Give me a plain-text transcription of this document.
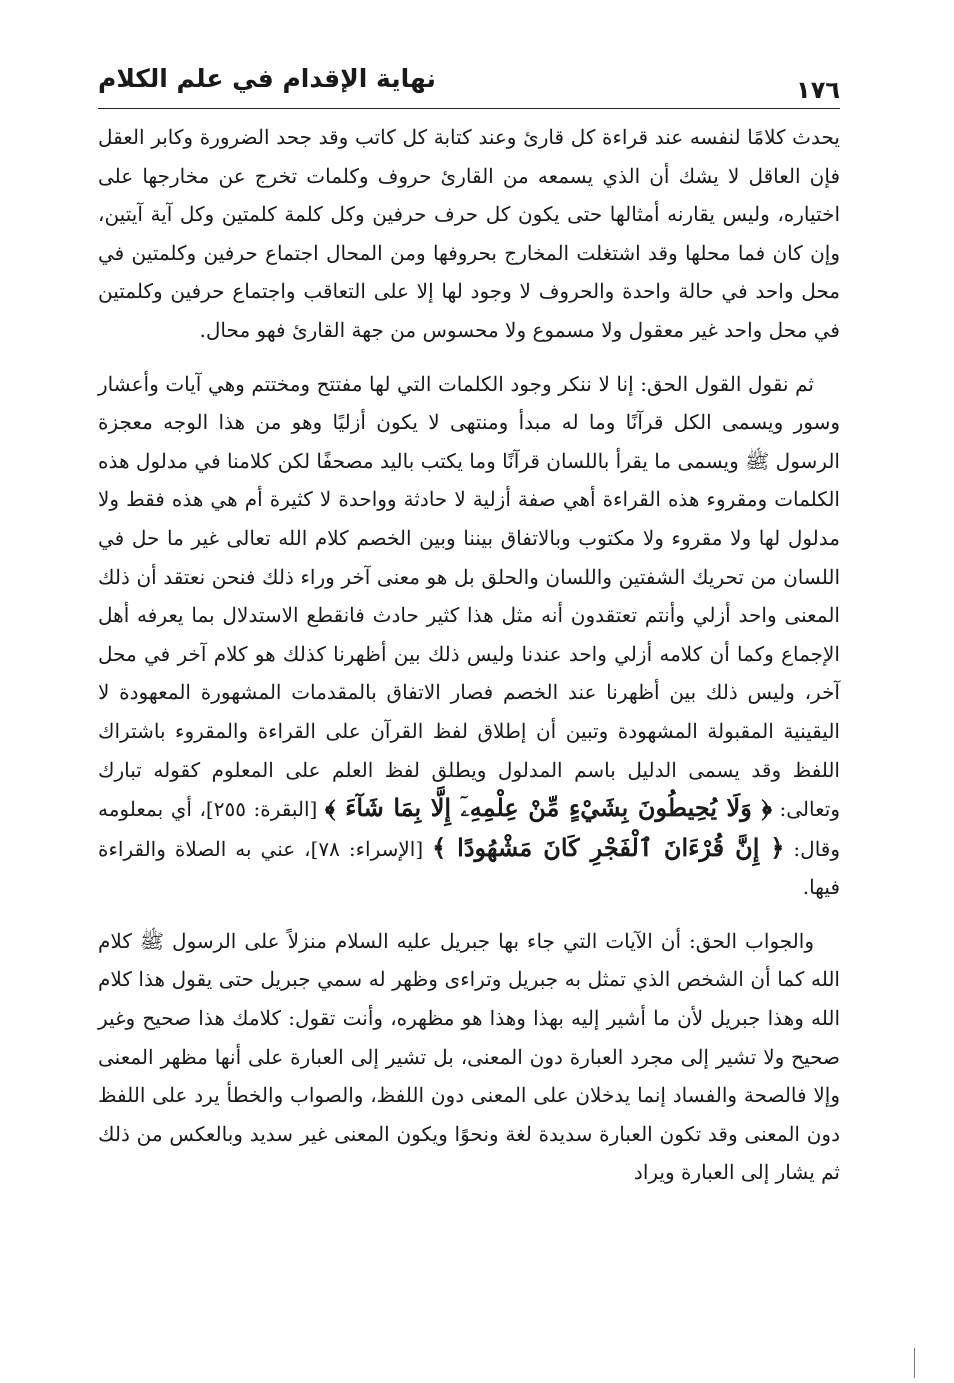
نهاية الإقدام في علم الكلام	١٧٦

يحدث كلامًا لنفسه عند قراءة كل قارئ وعند كتابة كل كاتب وقد جحد الضرورة وكابر العقل فإن العاقل لا يشك أن الذي يسمعه من القارئ حروف وكلمات تخرج عن مخارجها على اختياره، وليس يقارنه أمثالها حتى يكون كل حرف حرفين وكل كلمة كلمتين وكل آية آيتين، وإن كان فما محلها وقد اشتغلت المخارج بحروفها ومن المحال اجتماع حرفين وكلمتين في محل واحد في حالة واحدة والحروف لا وجود لها إلا على التعاقب واجتماع حرفين وكلمتين في محل واحد غير معقول ولا مسموع ولا محسوس من جهة القارئ فهو محال.

ثم نقول القول الحق: إنا لا ننكر وجود الكلمات التي لها مفتتح ومختتم وهي آيات وأعشار وسور ويسمى الكل قرآنًا وما له مبدأ ومنتهى لا يكون أزليًا وهو من هذا الوجه معجزة الرسول ﷺ ويسمى ما يقرأ باللسان قرآنًا وما يكتب باليد مصحفًا لكن كلامنا في مدلول هذه الكلمات ومقروء هذه القراءة أهي صفة أزلية لا حادثة وواحدة لا كثيرة أم هي هذه فقط ولا مدلول لها ولا مقروء ولا مكتوب وبالاتفاق بيننا وبين الخصم كلام الله تعالى غير ما حل في اللسان من تحريك الشفتين واللسان والحلق بل هو معنى آخر وراء ذلك فنحن نعتقد أن ذلك المعنى واحد أزلي وأنتم تعتقدون أنه مثل هذا كثير حادث فانقطع الاستدلال بما يعرفه أهل الإجماع وكما أن كلامه أزلي واحد عندنا وليس ذلك بين أظهرنا كذلك هو كلام آخر في محل آخر، وليس ذلك بين أظهرنا عند الخصم فصار الاتفاق بالمقدمات المشهورة المعهودة لا اليقينية المقبولة المشهودة وتبين أن إطلاق لفظ القرآن على القراءة والمقروء باشتراك اللفظ وقد يسمى الدليل باسم المدلول ويطلق لفظ العلم على المعلوم كقوله تبارك وتعالى: ﴿ وَلَا يُحِيطُونَ بِشَيْءٍ مِّنْ عِلْمِهِۦٓ إِلَّا بِمَا شَآءَ ﴾ [البقرة: ٢٥٥]، أي بمعلومه وقال: ﴿ إِنَّ قُرْءَانَ ٱلْفَجْرِ كَانَ مَشْهُودًا ﴾ [الإسراء: ٧٨]، عني به الصلاة والقراءة فيها.

والجواب الحق: أن الآيات التي جاء بها جبريل عليه السلام منزلاً على الرسول ﷺ كلام الله كما أن الشخص الذي تمثل به جبريل وتراءى وظهر له سمي جبريل حتى يقول هذا كلام الله وهذا جبريل لأن ما أشير إليه بهذا وهذا هو مظهره، وأنت تقول: كلامك هذا صحيح وغير صحيح ولا تشير إلى مجرد العبارة دون المعنى، بل تشير إلى العبارة على أنها مظهر المعنى وإلا فالصحة والفساد إنما يدخلان على المعنى دون اللفظ، والصواب والخطأ يرد على اللفظ دون المعنى وقد تكون العبارة سديدة لغة ونحوًا ويكون المعنى غير سديد وبالعكس من ذلك ثم يشار إلى العبارة ويراد
